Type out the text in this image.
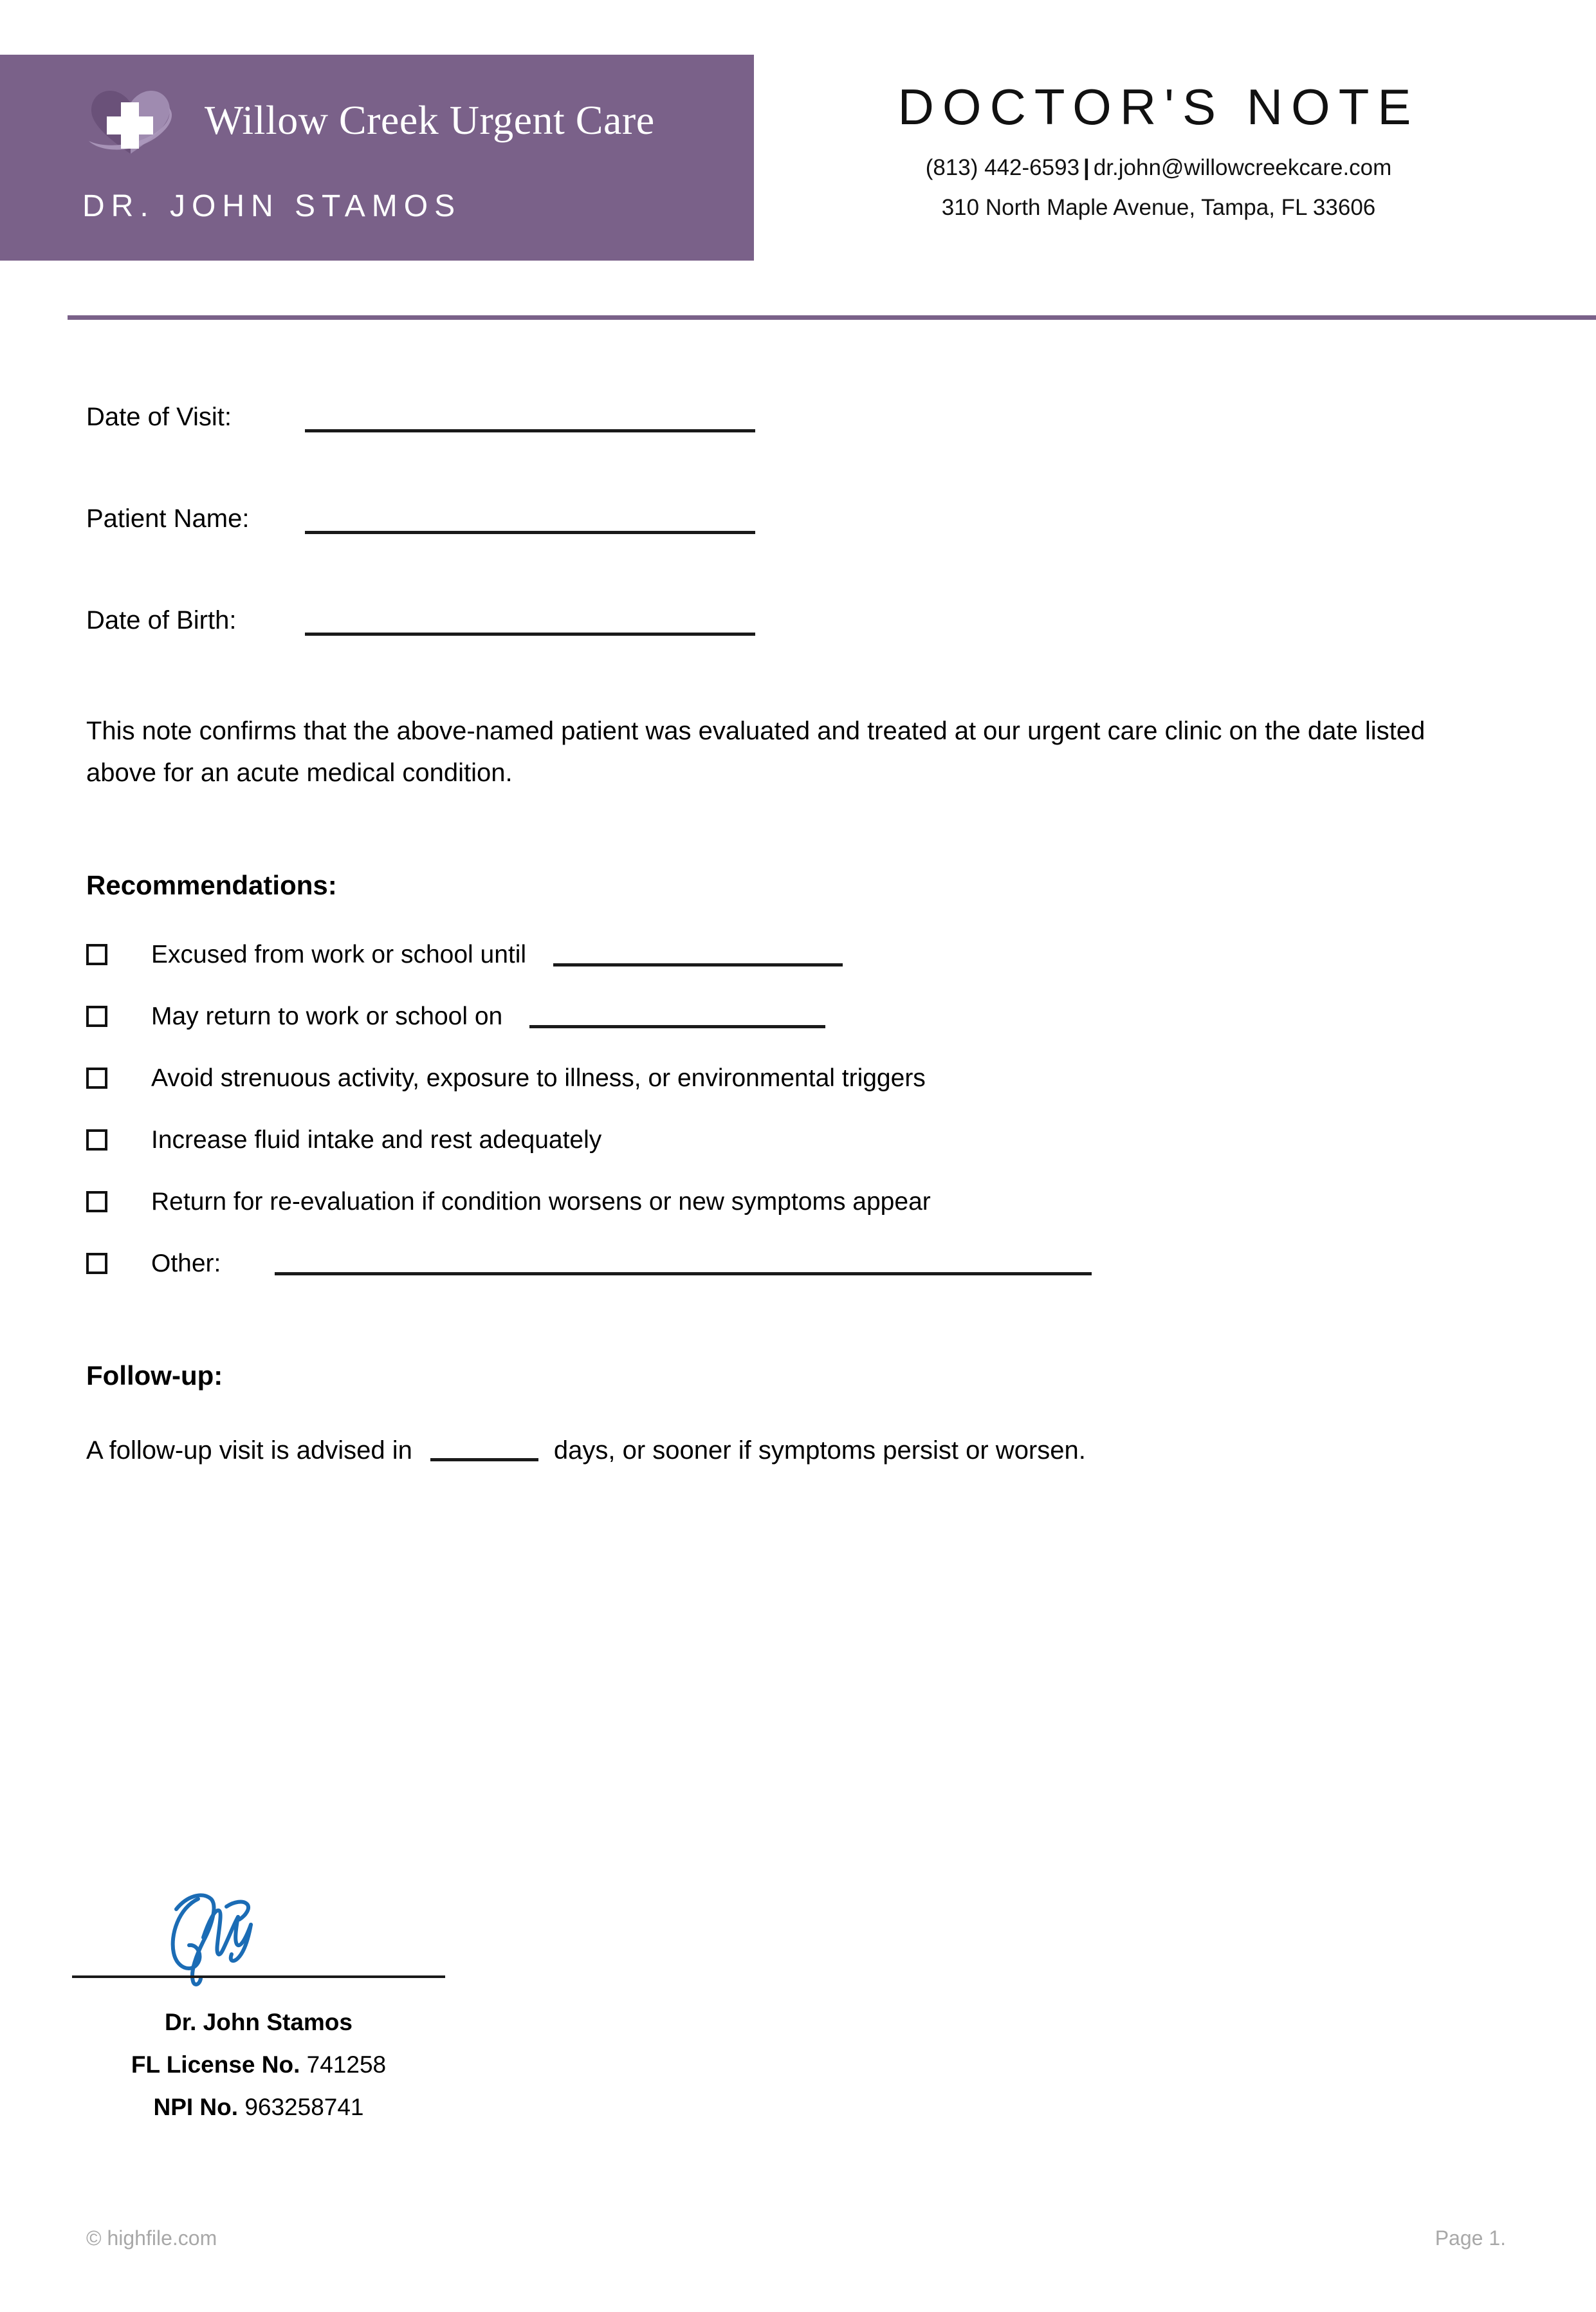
Willow Creek Urgent Care
DR. JOHN STAMOS
DOCTOR'S NOTE
(813) 442-6593 | dr.john@willowcreekcare.com
310 North Maple Avenue, Tampa, FL 33606
Date of Visit:
Patient Name:
Date of Birth:
This note confirms that the above-named patient was evaluated and treated at our urgent care clinic on the date listed above for an acute medical condition.
Recommendations:
Excused from work or school until
May return to work or school on
Avoid strenuous activity, exposure to illness, or environmental triggers
Increase fluid intake and rest adequately
Return for re-evaluation if condition worsens or new symptoms appear
Other:
Follow-up:
A follow-up visit is advised in	days, or sooner if symptoms persist or worsen.
Dr. John Stamos
FL License No. 741258
NPI No. 963258741
© highfile.com	Page 1.
